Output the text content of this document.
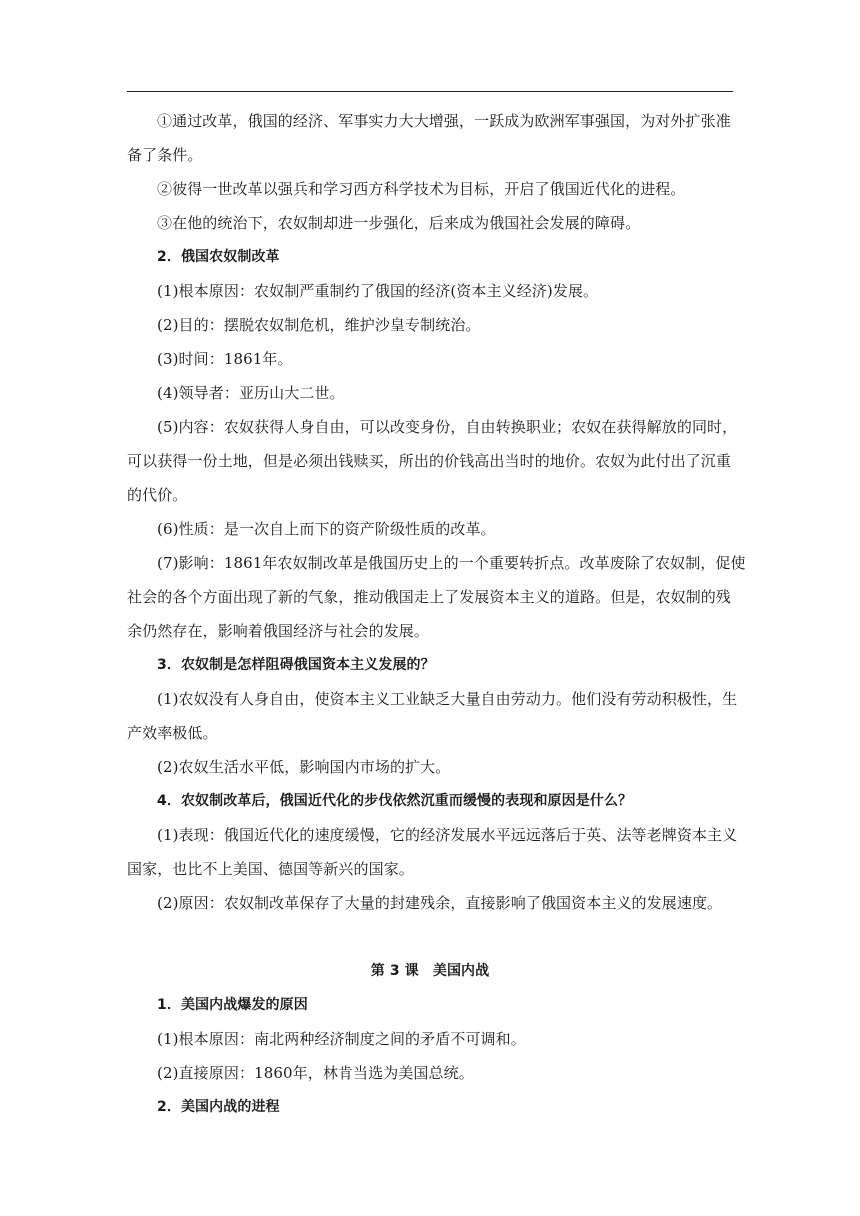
①通过改革，俄国的经济、军事实力大大增强，一跃成为欧洲军事强国，为对外扩张准
备了条件。
②彼得一世改革以强兵和学习西方科学技术为目标，开启了俄国近代化的进程。
③在他的统治下，农奴制却进一步强化，后来成为俄国社会发展的障碍。
2．俄国农奴制改革
(1)根本原因：农奴制严重制约了俄国的经济(资本主义经济)发展。
(2)目的：摆脱农奴制危机，维护沙皇专制统治。
(3)时间：1861年。
(4)领导者：亚历山大二世。
(5)内容：农奴获得人身自由，可以改变身份，自由转换职业；农奴在获得解放的同时，
可以获得一份土地，但是必须出钱赎买，所出的价钱高出当时的地价。农奴为此付出了沉重
的代价。
(6)性质：是一次自上而下的资产阶级性质的改革。
(7)影响：1861年农奴制改革是俄国历史上的一个重要转折点。改革废除了农奴制，促使
社会的各个方面出现了新的气象，推动俄国走上了发展资本主义的道路。但是，农奴制的残
余仍然存在，影响着俄国经济与社会的发展。
3．农奴制是怎样阻碍俄国资本主义发展的？
(1)农奴没有人身自由，使资本主义工业缺乏大量自由劳动力。他们没有劳动积极性，生
产效率极低。
(2)农奴生活水平低，影响国内市场的扩大。
4．农奴制改革后，俄国近代化的步伐依然沉重而缓慢的表现和原因是什么？
(1)表现：俄国近代化的速度缓慢，它的经济发展水平远远落后于英、法等老牌资本主义
国家，也比不上美国、德国等新兴的国家。
(2)原因：农奴制改革保存了大量的封建残余，直接影响了俄国资本主义的发展速度。
第 3 课　美国内战
1．美国内战爆发的原因
(1)根本原因：南北两种经济制度之间的矛盾不可调和。
(2)直接原因：1860年，林肯当选为美国总统。
2．美国内战的进程
